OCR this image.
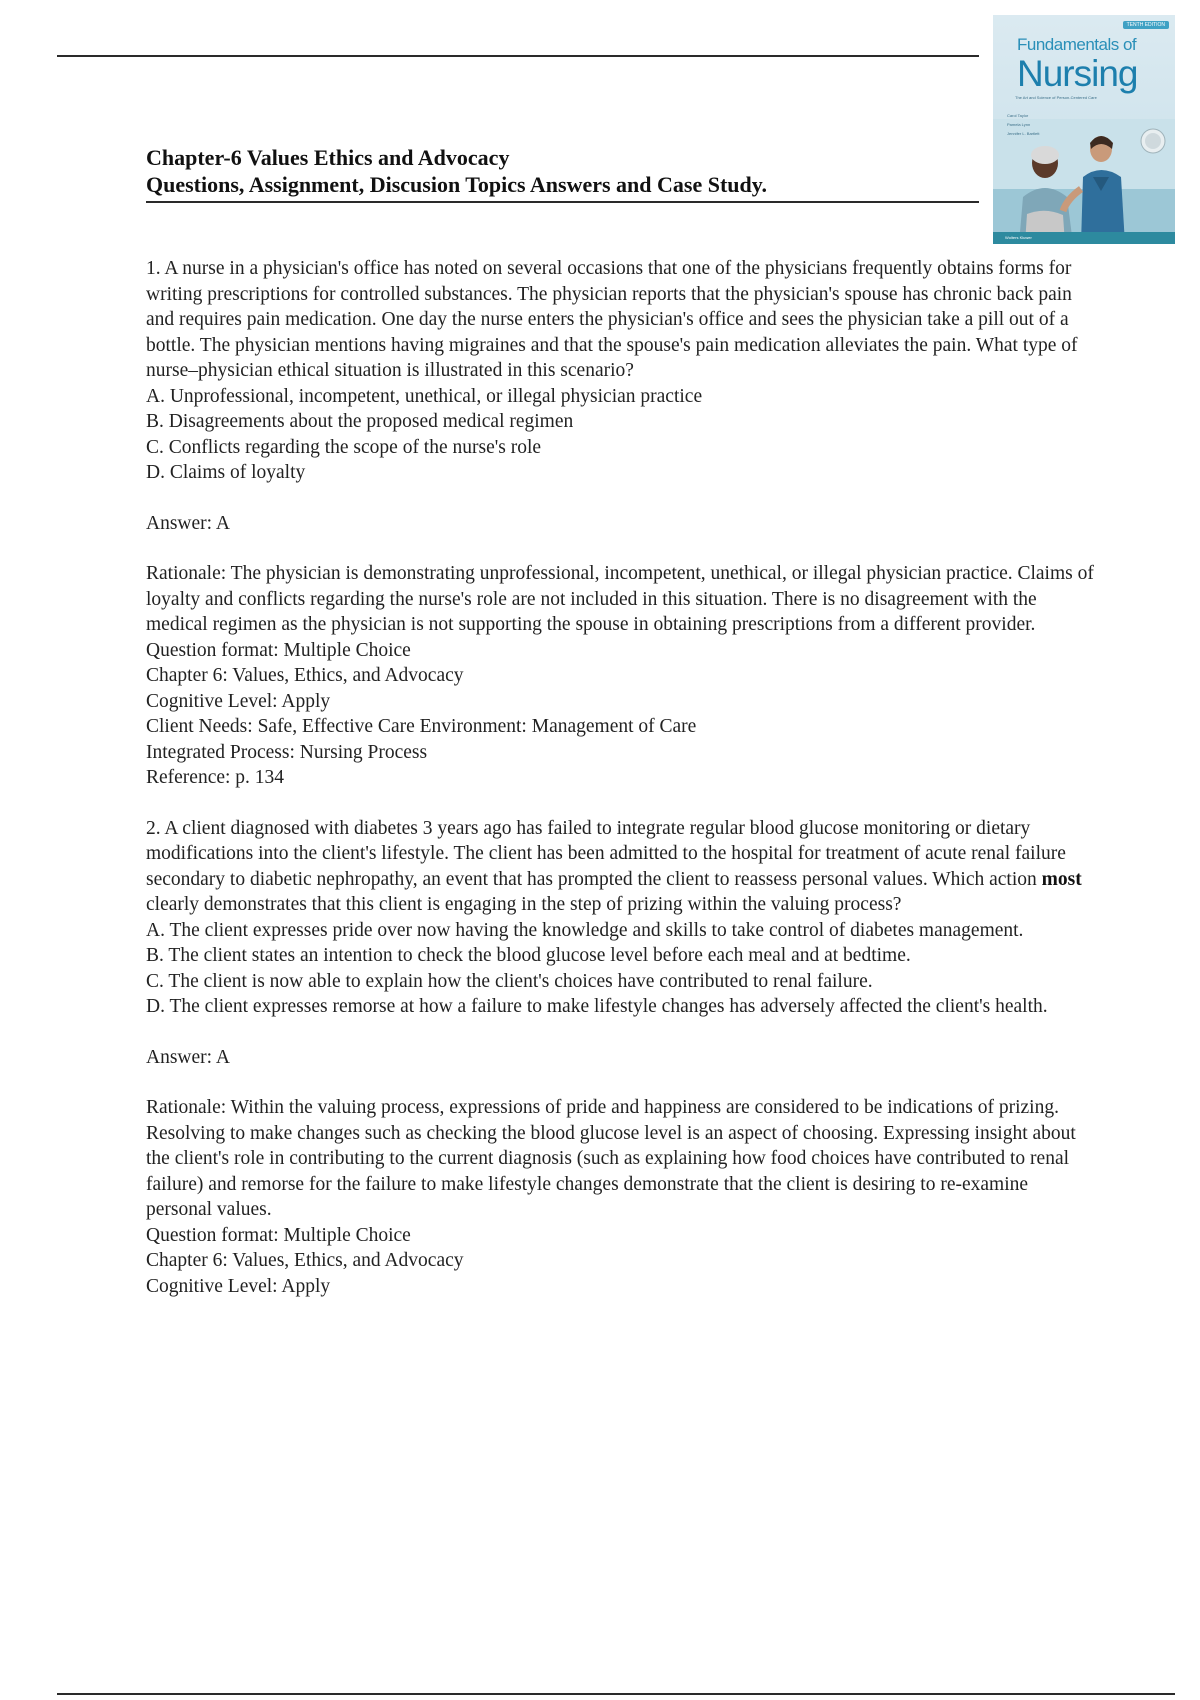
Chapter-6 Values Ethics and Advocacy
Questions, Assignment, Discusion Topics Answers and Case Study.
TENTH EDITION
Fundamentals of
Nursing
The Art and Science of Person-Centered Care
Carol Taylor
Pamela Lynn
Jennifer L. Bartlett
Wolters Kluwer

1. A nurse in a physician's office has noted on several occasions that one of the physicians frequently obtains forms for writing prescriptions for controlled substances. The physician reports that the physician's spouse has chronic back pain and requires pain medication. One day the nurse enters the physician's office and sees the physician take a pill out of a bottle. The physician mentions having migraines and that the spouse's pain medication alleviates the pain. What type of nurse–physician ethical situation is illustrated in this scenario?

A. Unprofessional, incompetent, unethical, or illegal physician practice

B. Disagreements about the proposed medical regimen

C. Conflicts regarding the scope of the nurse's role

D. Claims of loyalty

Answer: A

Rationale: The physician is demonstrating unprofessional, incompetent, unethical, or illegal physician practice. Claims of loyalty and conflicts regarding the nurse's role are not included in this situation. There is no disagreement with the medical regimen as the physician is not supporting the spouse in obtaining prescriptions from a different provider.

Question format: Multiple Choice

Chapter 6: Values, Ethics, and Advocacy

Cognitive Level: Apply

Client Needs: Safe, Effective Care Environment: Management of Care

Integrated Process: Nursing Process

Reference: p. 134

2. A client diagnosed with diabetes 3 years ago has failed to integrate regular blood glucose monitoring or dietary modifications into the client's lifestyle. The client has been admitted to the hospital for treatment of acute renal failure secondary to diabetic nephropathy, an event that has prompted the client to reassess personal values. Which action most clearly demonstrates that this client is engaging in the step of prizing within the valuing process?

A. The client expresses pride over now having the knowledge and skills to take control of diabetes management.

B. The client states an intention to check the blood glucose level before each meal and at bedtime.

C. The client is now able to explain how the client's choices have contributed to renal failure.

D. The client expresses remorse at how a failure to make lifestyle changes has adversely affected the client's health.

Answer: A

Rationale: Within the valuing process, expressions of pride and happiness are considered to be indications of prizing. Resolving to make changes such as checking the blood glucose level is an aspect of choosing. Expressing insight about the client's role in contributing to the current diagnosis (such as explaining how food choices have contributed to renal failure) and remorse for the failure to make lifestyle changes demonstrate that the client is desiring to re-examine personal values.

Question format: Multiple Choice

Chapter 6: Values, Ethics, and Advocacy

Cognitive Level: Apply
